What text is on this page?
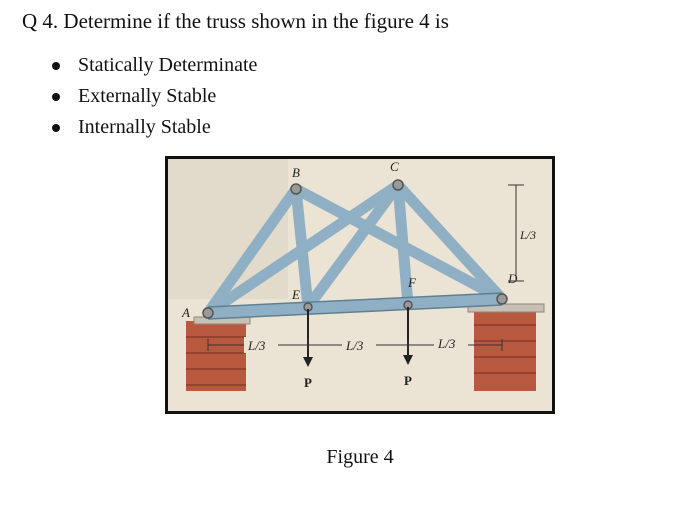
Q 4. Determine if the truss shown in the figure 4 is
Statically Determinate
Externally Stable
Internally Stable
A
B	C
D
E
F
L/3
L/3	L/3	L/3
P	P
Figure 4
